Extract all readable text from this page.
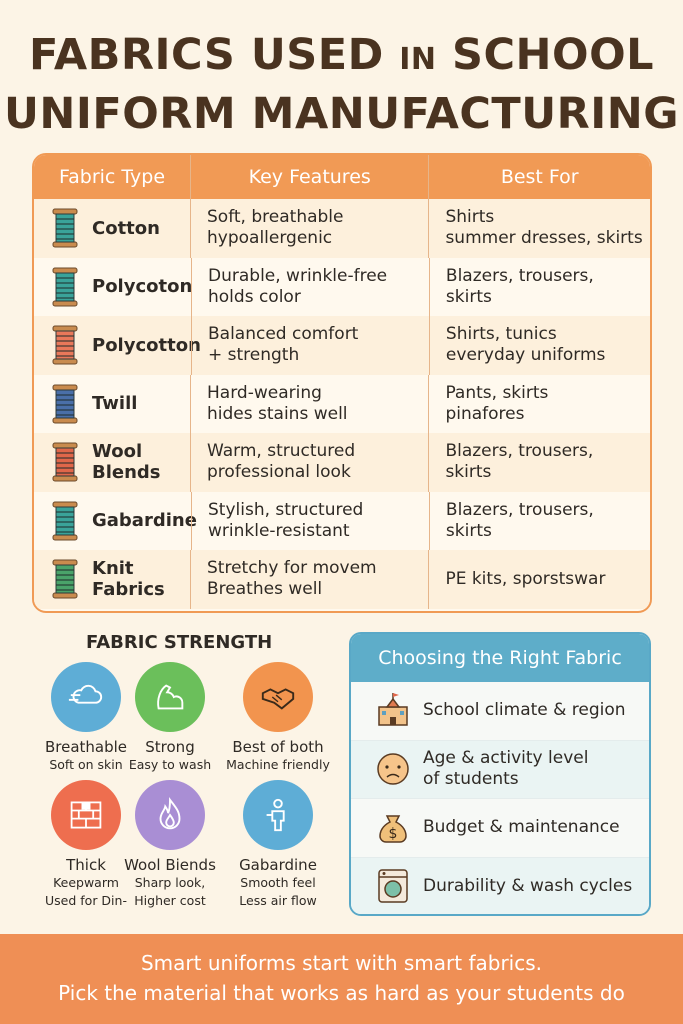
FABRICS USED IN SCHOOL
UNIFORM MANUFACTURING
Fabric Type	Key Features	Best For
Cotton
Soft, breathable
hypoallergenic
Shirts
summer dresses, skirts
Polycoton
Durable, wrinkle-free
holds color
Blazers, trousers,
skirts
Polycotton
Balanced comfort
+ strength
Shirts, tunics
everyday uniforms
Twill
Hard-wearing
hides stains well
Pants, skirts
pinafores
Wool
Blends
Warm, structured
professional look
Blazers, trousers,
skirts
Gabardine
Stylish, structured
wrinkle-resistant
Blazers, trousers,
skirts
Knit
Fabrics
Stretchy for movem
Breathes well
PE kits, sporstswar
FABRIC STRENGTH
Breathable
Soft on skin
Strong
Easy to wash
Best of both
Machine friendly
Thick
Keepwarm
Used for Din-
Wool Biends
Sharp look,
Higher cost
Gabardine
Smooth feel
Less air flow
Choosing the Right Fabric
School climate & region
Age & activity level
of students
$ Budget & maintenance
Durability & wash cycles
Smart uniforms start with smart fabrics.
Pick the material that works as hard as your students do
